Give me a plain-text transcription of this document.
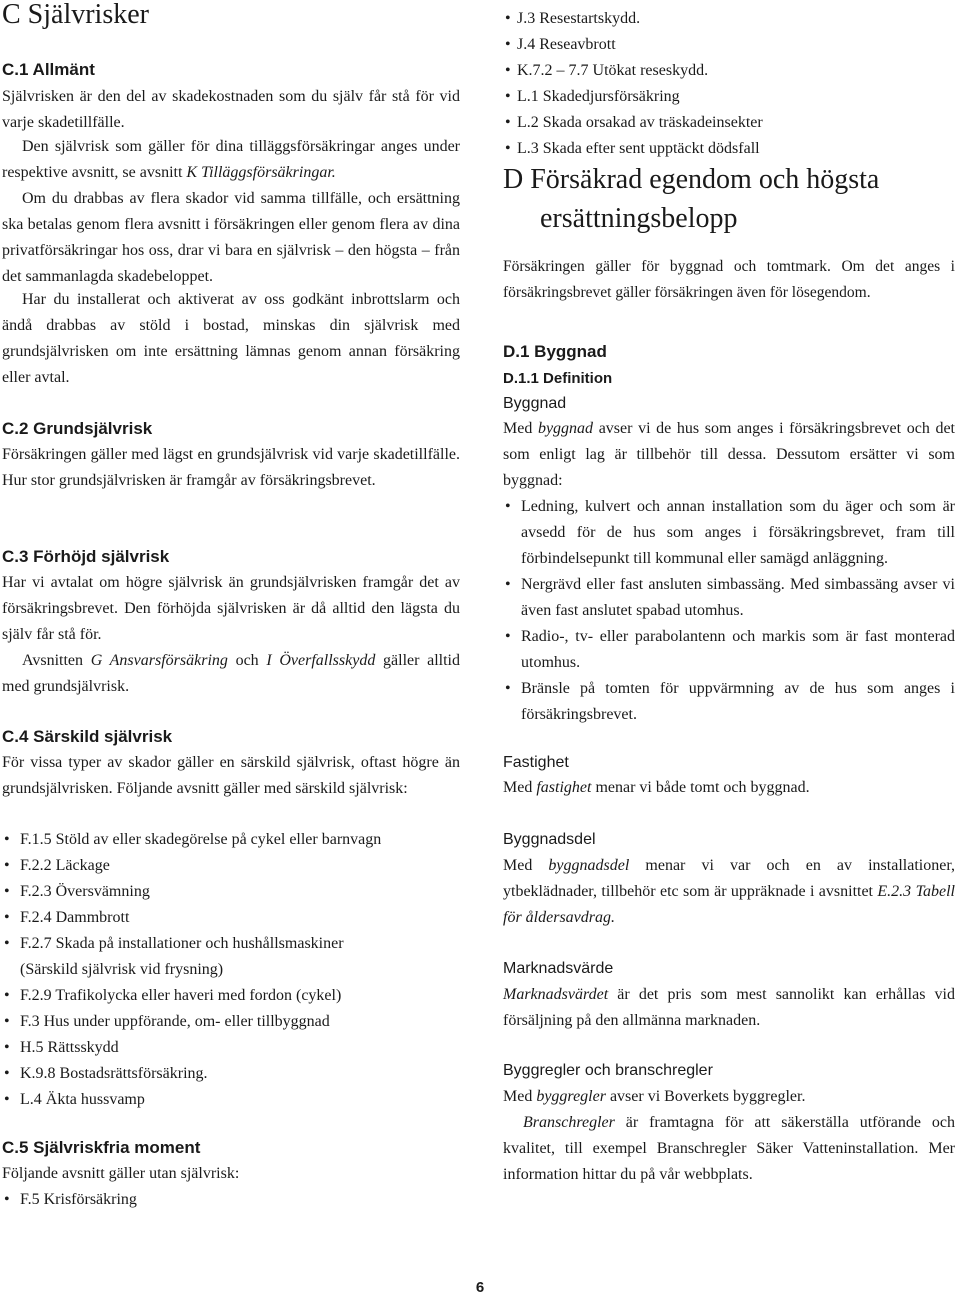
C Självrisker
C.1 Allmänt

Självrisken är den del av skadekostnaden som du själv får stå för vid varje skadetillfälle.

Den självrisk som gäller för dina tilläggsförsäkringar anges under respektive avsnitt, se avsnitt K Tilläggsförsäkringar.

Om du drabbas av flera skador vid samma tillfälle, och ersättning ska betalas genom flera avsnitt i försäkringen eller genom flera av dina privatförsäkringar hos oss, drar vi bara en självrisk – den högsta – från det sammanlagda skadebeloppet.

Har du installerat och aktiverat av oss godkänt inbrottslarm och ändå drabbas av stöld i bostad, minskas din självrisk med grundsjälvrisken om inte ersättning lämnas genom annan försäkring eller avtal.

C.2 Grundsjälvrisk

Försäkringen gäller med lägst en grundsjälvrisk vid varje skadetillfälle. Hur stor grundsjälvrisken är framgår av försäkringsbrevet.

C.3 Förhöjd självrisk

Har vi avtalat om högre självrisk än grundsjälvrisken framgår det av försäkringsbrevet. Den förhöjda självrisken är då alltid den lägsta du själv får stå för.

Avsnitten G Ansvarsförsäkring och I Överfallsskydd gäller alltid med grundsjälvrisk.

C.4 Särskild självrisk

För vissa typer av skador gäller en särskild självrisk, oftast högre än grundsjälvrisken. Följande avsnitt gäller med särskild självrisk:

• F.1.5 Stöld av eller skadegörelse på cykel eller barnvagn
• F.2.2 Läckage
• F.2.3 Översvämning
• F.2.4 Dammbrott
• F.2.7 Skada på installationer och hushållsmaskiner (Särskild självrisk vid frysning)
• F.2.9 Trafikolycka eller haveri med fordon (cykel)
• F.3 Hus under uppförande, om- eller tillbyggnad
• H.5 Rättsskydd
• K.9.8 Bostadsrättsförsäkring.
• L.4 Äkta hussvamp
C.5 Självriskfria moment

Följande avsnitt gäller utan självrisk:

• F.5 Krisförsäkring
• J.3 Resestartskydd.
• J.4 Reseavbrott
• K.7.2 – 7.7 Utökat reseskydd.
• L.1 Skadedjursförsäkring
• L.2 Skada orsakad av träskadeinsekter
• L.3 Skada efter sent upptäckt dödsfall
D Försäkrad egendom och högsta
ersättningsbelopp

Försäkringen gäller för byggnad och tomtmark. Om det anges i försäkringsbrevet gäller försäkringen även för lösegendom.

D.1 Byggnad
D.1.1 Definition
Byggnad

Med byggnad avser vi de hus som anges i försäkringsbrevet och det som enligt lag är tillbehör till dessa. Dessutom ersätter vi som byggnad:

• Ledning, kulvert och annan installation som du äger och som är avsedd för de hus som anges i försäkringsbrevet, fram till förbindelsepunkt till kommunal eller samägd anläggning.
• Nergrävd eller fast ansluten simbassäng. Med simbassäng avser vi även fast anslutet spabad utomhus.
• Radio-, tv- eller parabolantenn och markis som är fast monterad utomhus.
• Bränsle på tomten för uppvärmning av de hus som anges i försäkringsbrevet.
Fastighet

Med fastighet menar vi både tomt och byggnad.

Byggnadsdel

Med byggnadsdel menar vi var och en av installationer, ytbeklädnader, tillbehör etc som är uppräknade i avsnittet E.2.3 Tabell för åldersavdrag.

Marknadsvärde

Marknadsvärdet är det pris som mest sannolikt kan erhållas vid försäljning på den allmänna marknaden.

Byggregler och branschregler

Med byggregler avser vi Boverkets byggregler.

Branschregler är framtagna för att säkerställa utförande och kvalitet, till exempel Branschregler Säker Vatteninstallation. Mer information hittar du på vår webbplats.

6
